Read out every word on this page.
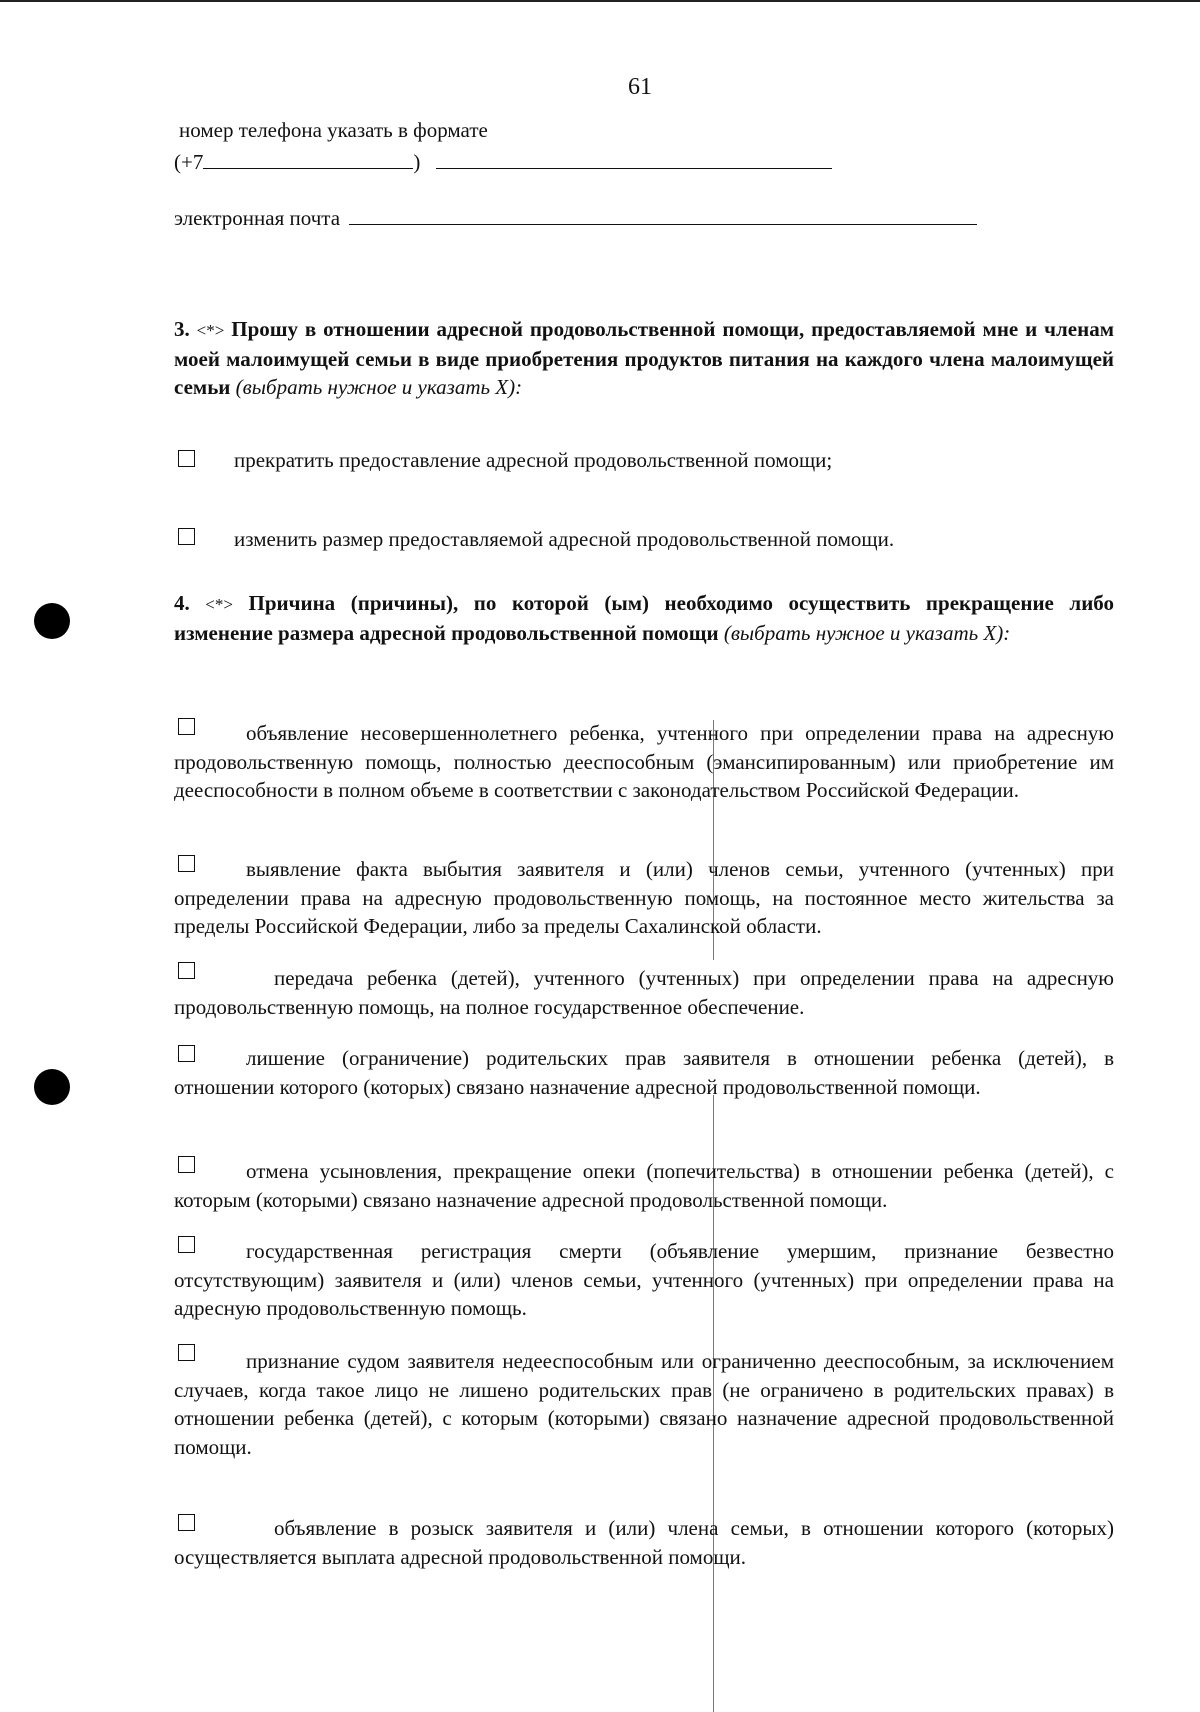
61
номер телефона указать в формате
(+7	)
электронная почта
3. <*> Прошу в отношении адресной продовольственной помощи, предоставляемой мне и членам моей малоимущей семьи в виде приобретения продуктов питания на каждого члена малоимущей семьи (выбрать нужное и указать Х):
прекратить предоставление адресной продовольственной помощи;
изменить размер предоставляемой адресной продовольственной помощи.
4. <*> Причина (причины), по которой (ым) необходимо осуществить прекращение либо изменение размера адресной продовольственной помощи (выбрать нужное и указать Х):
объявление несовершеннолетнего ребенка, учтенного при определении права на адресную продовольственную помощь, полностью дееспособным (эмансипированным) или приобретение им дееспособности в полном объеме в соответствии с законодательством Российской Федерации.
выявление факта выбытия заявителя и (или) членов семьи, учтенного (учтенных) при определении права на адресную продовольственную помощь, на постоянное место жительства за пределы Российской Федерации, либо за пределы Сахалинской области.
передача ребенка (детей), учтенного (учтенных) при определении права на адресную продовольственную помощь, на полное государственное обеспечение.
лишение (ограничение) родительских прав заявителя в отношении ребенка (детей), в отношении которого (которых) связано назначение адресной продовольственной помощи.
отмена усыновления, прекращение опеки (попечительства) в отношении ребенка (детей), с которым (которыми) связано назначение адресной продовольственной помощи.
государственная регистрация смерти (объявление умершим, признание безвестно отсутствующим) заявителя и (или) членов семьи, учтенного (учтенных) при определении права на адресную продовольственную помощь.
признание судом заявителя недееспособным или ограниченно дееспособным, за исключением случаев, когда такое лицо не лишено родительских прав (не ограничено в родительских правах) в отношении ребенка (детей), с которым (которыми) связано назначение адресной продовольственной помощи.
объявление в розыск заявителя и (или) члена семьи, в отношении которого (которых) осуществляется выплата адресной продовольственной помощи.
